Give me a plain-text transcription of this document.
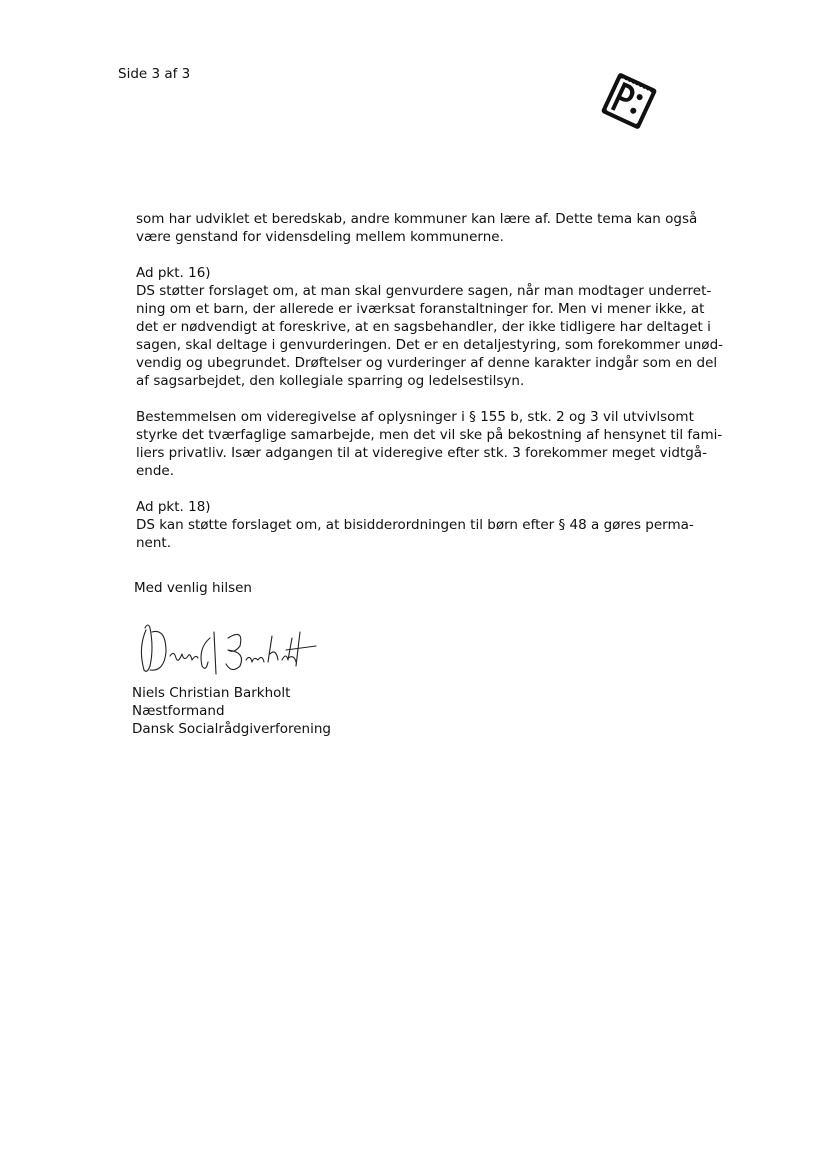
Side 3 af 3

som har udviklet et beredskab, andre kommuner kan lære af. Dette tema kan også
være genstand for vidensdeling mellem kommunerne.

Ad pkt. 16)
DS støtter forslaget om, at man skal genvurdere sagen, når man modtager underret-
ning om et barn, der allerede er iværksat foranstaltninger for. Men vi mener ikke, at
det er nødvendigt at foreskrive, at en sagsbehandler, der ikke tidligere har deltaget i
sagen, skal deltage i genvurderingen. Det er en detaljestyring, som forekommer unød-
vendig og ubegrundet. Drøftelser og vurderinger af denne karakter indgår som en del
af sagsarbejdet, den kollegiale sparring og ledelsestilsyn.

Bestemmelsen om videregivelse af oplysninger i § 155 b, stk. 2 og 3 vil utvivlsomt
styrke det tværfaglige samarbejde, men det vil ske på bekostning af hensynet til fami-
liers privatliv. Især adgangen til at videregive efter stk. 3 forekommer meget vidtgå-
ende.

Ad pkt. 18)
DS kan støtte forslaget om, at bisidderordningen til børn efter § 48 a gøres perma-
nent.

Med venlig hilsen
Niels Christian Barkholt
Næstformand
Dansk Socialrådgiverforening
